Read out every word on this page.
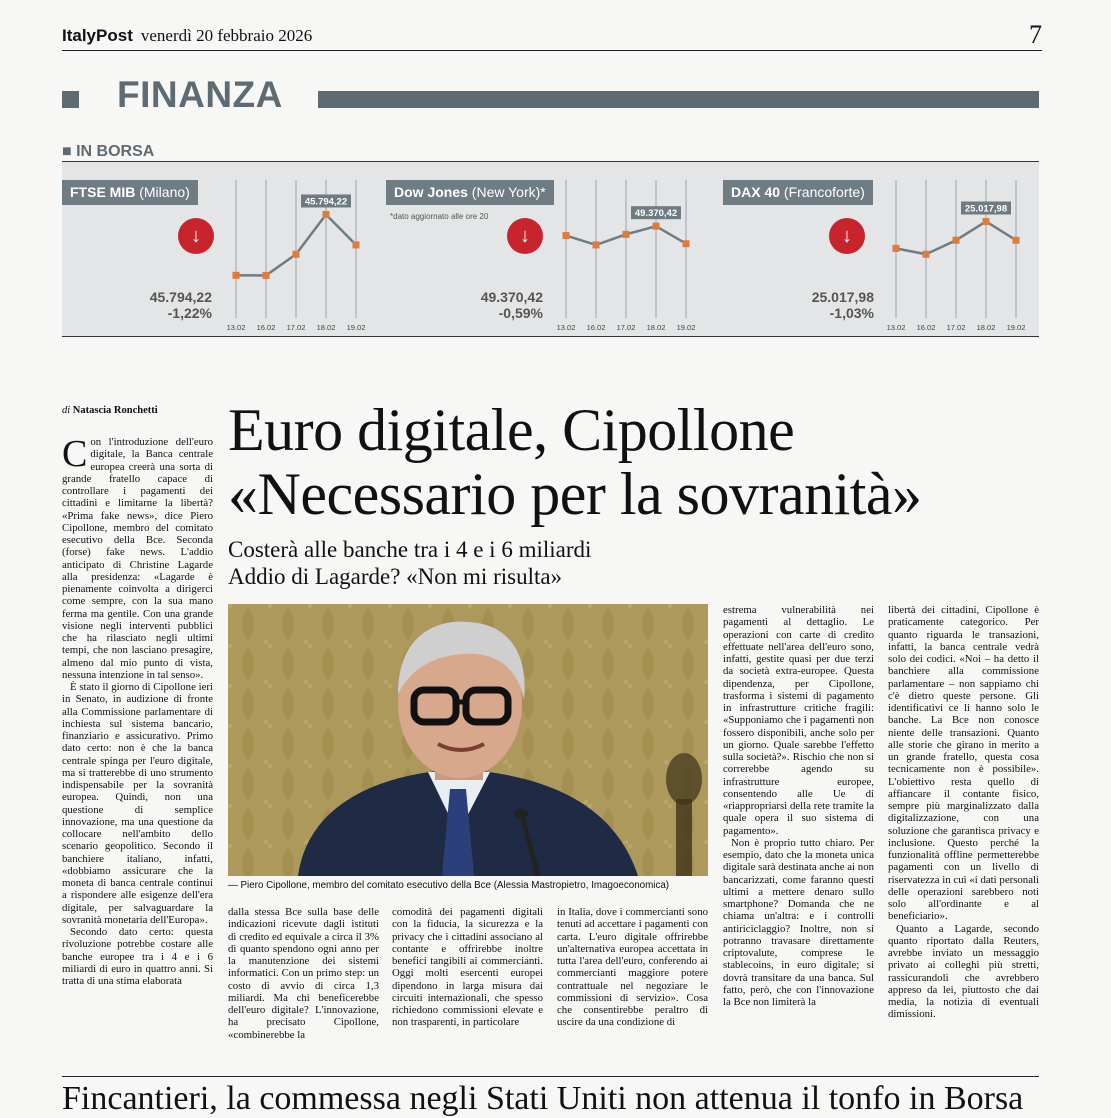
ItalyPost venerdì 20 febbraio 2026	7
FINANZA
■ IN BORSA
FTSE MIB (Milano)
↓
45.794,22
-1,22%
45.794,22
13.02 16.02 17.02 18.02 19.02
Dow Jones (New York)*
*dato aggiornato alle ore 20
↓
49.370,42
-0,59%
49.370,42
13.02 16.02 17.02 18.02 19.02
DAX 40 (Francoforte)
↓
25.017,98
-1,03%
25.017,98
13.02 16.02 17.02 18.02 19.02
di Natascia Ronchetti Euro digitale, Cipollone
«Necessario per la sovranità»
Costerà alle banche tra i 4 e i 6 miliardi
Addio di Lagarde? «Non mi risulta»
— Piero Cipollone, membro del comitato esecutivo della Bce (Alessia Mastropietro, Imagoeconomica)

Con l'introduzione dell'euro digitale, la Banca centrale europea creerà una sorta di grande fratello capace di controllare i pagamenti dei cittadini e limitarne la libertà? «Prima fake news», dice Piero Cipollone, membro del comitato esecutivo della Bce. Seconda (forse) fake news. L'addio anticipato di Christine Lagarde alla presidenza: «Lagarde è pienamente coinvolta a dirigerci come sempre, con la sua mano ferma ma gentile. Con una grande visione negli interventi pubblici che ha rilasciato negli ultimi tempi, che non lasciano presagire, almeno dal mio punto di vista, nessuna intenzione in tal senso».

È stato il giorno di Cipollone ieri in Senato, in audizione di fronte alla Commissione parlamentare di inchiesta sul sistema bancario, finanziario e assicurativo. Primo dato certo: non è che la banca centrale spinga per l'euro digitale, ma si tratterebbe di uno strumento indispensabile per la sovranità europea. Quindi, non una questione di semplice innovazione, ma una questione da collocare nell'ambito dello scenario geopolitico. Secondo il banchiere italiano, infatti, «dobbiamo assicurare che la moneta di banca centrale continui a rispondere alle esigenze dell'era digitale, per salvaguardare la sovranità monetaria dell'Europa».

Secondo dato certo: questa rivoluzione potrebbe costare alle banche europee tra i 4 e i 6 miliardi di euro in quattro anni. Si tratta di una stima elaborata

dalla stessa Bce sulla base delle indicazioni ricevute dagli istituti di credito ed equivale a circa il 3% di quanto spendono ogni anno per la manutenzione dei sistemi informatici. Con un primo step: un costo di avvio di circa 1,3 miliardi. Ma chi beneficerebbe dell'euro digitale? L'innovazione, ha precisato Cipollone, «combinerebbe la

comodità dei pagamenti digitali con la fiducia, la sicurezza e la privacy che i cittadini associano al contante e offrirebbe inoltre benefici tangibili ai commercianti. Oggi molti esercenti europei dipendono in larga misura dai circuiti internazionali, che spesso richiedono commissioni elevate e non trasparenti, in particolare

in Italia, dove i commercianti sono tenuti ad accettare i pagamenti con carta. L'euro digitale offrirebbe un'alternativa europea accettata in tutta l'area dell'euro, conferendo ai commercianti maggiore potere contrattuale nel negoziare le commissioni di servizio». Cosa che consentirebbe peraltro di uscire da una condizione di

estrema vulnerabilità nei pagamenti al dettaglio. Le operazioni con carte di credito effettuate nell'area dell'euro sono, infatti, gestite quasi per due terzi da società extra-europee. Questa dipendenza, per Cipollone, trasforma i sistemi di pagamento in infrastrutture critiche fragili: «Supponiamo che i pagamenti non fossero disponibili, anche solo per un giorno. Quale sarebbe l'effetto sulla società?». Rischio che non si correrebbe agendo su infrastrutture europee, consentendo alle Ue di «riappropriarsi della rete tramite la quale opera il suo sistema di pagamento».

Non è proprio tutto chiaro. Per esempio, dato che la moneta unica digitale sarà destinata anche ai non bancarizzati, come faranno questi ultimi a mettere denaro sullo smartphone? Domanda che ne chiama un'altra: e i controlli antiriciclaggio? Inoltre, non si potranno travasare direttamente criptovalute, comprese le stablecoins, in euro digitale; si dovrà transitare da una banca. Sul fatto, però, che con l'innovazione la Bce non limiterà la

libertà dei cittadini, Cipollone è praticamente categorico. Per quanto riguarda le transazioni, infatti, la banca centrale vedrà solo dei codici. «Noi – ha detto il banchiere alla commissione parlamentare – non sappiamo chi c'è dietro queste persone. Gli identificativi ce li hanno solo le banche. La Bce non conosce niente delle transazioni. Quanto alle storie che girano in merito a un grande fratello, questa cosa tecnicamente non è possibile». L'obiettivo resta quello di affiancare il contante fisico, sempre più marginalizzato dalla digitalizzazione, con una soluzione che garantisca privacy e inclusione. Questo perché la funzionalità offline permetterebbe pagamenti con un livello di riservatezza in cui «i dati personali delle operazioni sarebbero noti solo all'ordinante e al beneficiario».

Quanto a Lagarde, secondo quanto riportato dalla Reuters, avrebbe inviato un messaggio privato ai colleghi più stretti, rassicurandoli che avrebbero appreso da lei, piuttosto che dai media, la notizia di eventuali dimissioni.

Fincantieri, la commessa negli Stati Uniti non attenua il tonfo in Borsa
